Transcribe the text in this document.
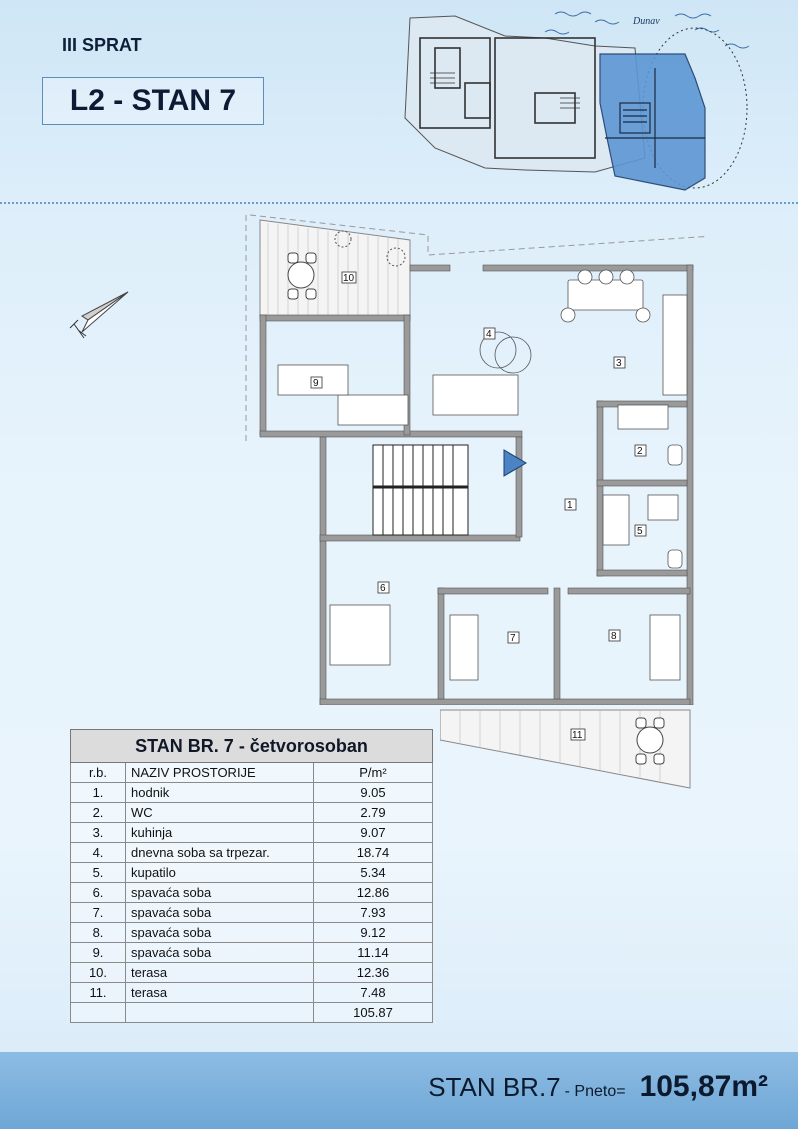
III SPRAT
L2 - STAN 7
Dunav
1
2
3
4
5
6
7	8
9
10
11
STAN BR. 7 - četvorosoban		
r.b.	NAZIV PROSTORIJE	P/m²
1.	hodnik	9.05
2.	WC	2.79
3.	kuhinja	9.07
4.	dnevna soba sa trpezar.	18.74
5.	kupatilo	5.34
6.	spavaća soba	12.86
7.	spavaća soba	7.93
8.	spavaća soba	9.12
9.	spavaća soba	11.14
10.	terasa	12.36
11.	terasa	7.48
		105.87
STAN BR.7 - Pneto= 105,87m²
